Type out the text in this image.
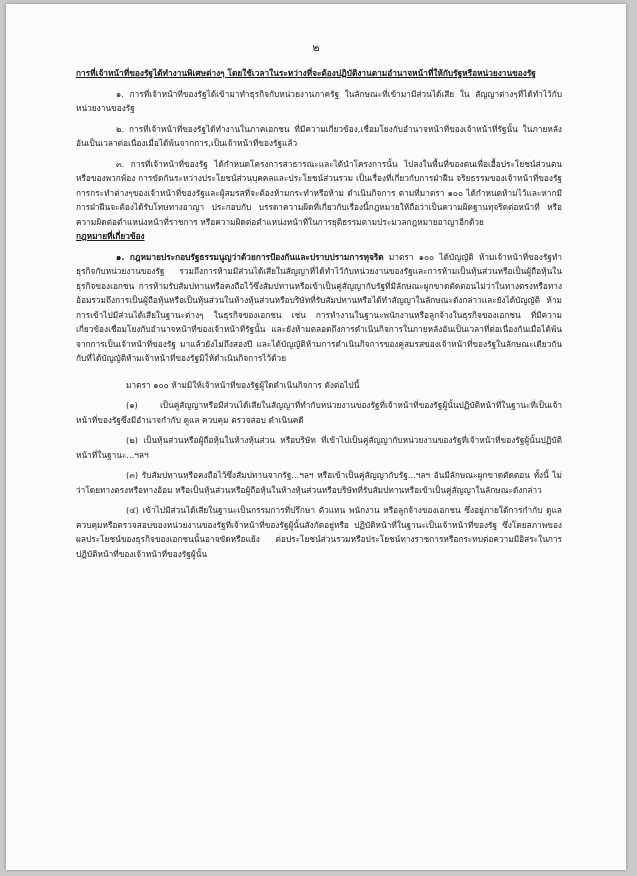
๒

การที่เจ้าหน้าที่ของรัฐได้ทำงานพิเศษต่างๆ โดยใช้เวลาในระหว่างที่จะต้องปฏิบัติงานตามอำนาจหน้าที่ให้กับรัฐหรือหน่วยงานของรัฐ

๑. การที่เจ้าหน้าที่ของรัฐได้เข้ามาทำธุรกิจกับหน่วยงานภาครัฐ ในลักษณะที่เข้ามามีส่วนได้เสีย ใน สัญญาต่างๆที่ได้ทำไว้กับหน่วยงานของรัฐ

๒. การที่เจ้าหน้าที่ของรัฐได้ทำงานในภาคเอกชน ที่มีความเกี่ยวข้อง,เชื่อมโยงกับอำนาจหน้าที่ของเจ้าหน้าที่รัฐนั้น ในภายหลังอันเป็นเวลาต่อเนื่องเมื่อได้พ้นจากการ,เป็นเจ้าหน้าที่ของรัฐแล้ว

๓. การที่เจ้าหน้าที่ของรัฐ ได้กำหนดโครงการสาธารณะและได้นำโครงการนั้น ไปลงในพื้นที่ของตนเพื่อเอื้อประโยชน์ส่วนตนหรือของพวกพ้อง การขัดกันระหว่างประโยชน์ส่วนบุคคลและประโยชน์ส่วนรวม เป็นเรื่องที่เกี่ยวกับการฝ่าฝืน จริยธรรมของเจ้าหน้าที่ของรัฐ การกระทำต่างๆของเจ้าหน้าที่ของรัฐและผู้สมรสที่จะต้องห้ามกระทำหรือห้าม ดำเนินกิจการ ตามที่มาตรา ๑๐๐ ได้กำหนดห้ามไว้และหากมีการฝ่าฝืนจะต้องได้รับโทษทางอาญา ประกอบกับ บรรดาความผิดที่เกี่ยวกับเรื่องนี้กฎหมายให้ถือว่าเป็นความผิดฐานทุจริตต่อหน้าที่ หรือความผิดต่อตำแหน่งหน้าที่ราชการ หรือความผิดต่อตำแหน่งหน้าที่ในการยุติธรรมตามประมวลกฎหมายอาญาอีกด้วย

กฎหมายที่เกี่ยวข้อง

๑. กฎหมายประกอบรัฐธรรมนูญว่าด้วยการป้องกันและปราบปรามการทุจริต มาตรา ๑๐๐ ได้บัญญัติ ห้ามเจ้าหน้าที่ของรัฐทำธุรกิจกับหน่วยงานของรัฐ รวมถึงการห้ามมีส่วนได้เสียในสัญญาที่ได้ทำไว้กับหน่วยงานของรัฐและการห้ามเป็นหุ้นส่วนหรือเป็นผู้ถือหุ้นในธุรกิจของเอกชน การห้ามรับสัมปทานหรือคงถือไว้ซึ่งสัมปทานหรือเข้าเป็นคู่สัญญากับรัฐที่มีลักษณะผูกขาดตัดตอนไม่ว่าในทางตรงหรือทางอ้อมรวมถึงการเป็นผู้ถือหุ้นหรือเป็นหุ้นส่วนในห้างหุ้นส่วนหรือบริษัทที่รับสัมปทานหรือได้ทำสัญญาในลักษณะดังกล่าวและยังได้บัญญัติ ห้ามการเข้าไปมีส่วนได้เสียในฐานะต่างๆ ในธุรกิจของเอกชน เช่น การทำงานในฐานะพนักงานหรือลูกจ้างในธุรกิจของเอกชน ที่มีความเกี่ยวข้องเชื่อมโยงกับอำนาจหน้าที่ของเจ้าหน้าที่รัฐนั้น และยังห้ามตลอดถึงการดำเนินกิจการในภายหลังอันเป็นเวลาที่ต่อเนื่องกันเมื่อได้พ้นจากการเป็นเจ้าหน้าที่ของรัฐ มาแล้วยังไม่ถึงสองปี และได้บัญญัติห้ามการดำเนินกิจการของคู่สมรสของเจ้าหน้าที่ของรัฐในลักษณะเดียวกันกับที่ได้บัญญัติห้ามเจ้าหน้าที่ของรัฐมิให้ดำเนินกิจการไว้ด้วย

มาตรา ๑๐๐ ห้ามมิให้เจ้าหน้าที่ของรัฐผู้ใดดำเนินกิจการ ดังต่อไปนี้

(๑) เป็นคู่สัญญาหรือมีส่วนได้เสียในสัญญาที่ทำกับหน่วยงานของรัฐที่เจ้าหน้าที่ของรัฐผู้นั้นปฏิบัติหน้าที่ในฐานะที่เป็นเจ้าหน้าที่ของรัฐซึ่งมีอำนาจกำกับ ดูแล ควบคุม ตรวจสอบ ดำเนินคดี

(๒) เป็นหุ้นส่วนหรือผู้ถือหุ้นในห้างหุ้นส่วน หรือบริษัท ที่เข้าไปเป็นคู่สัญญากับหน่วยงานของรัฐที่เจ้าหน้าที่ของรัฐผู้นั้นปฏิบัติหน้าที่ในฐานะ...ฯลฯ

(๓) รับสัมปทานหรือคงถือไว้ซึ่งสัมปทานจากรัฐ...ฯลฯ หรือเข้าเป็นคู่สัญญากับรัฐ...ฯลฯ อันมีลักษณะผูกขาดตัดตอน ทั้งนี้ ไม่ว่าโดยทางตรงหรือทางอ้อม หรือเป็นหุ้นส่วนหรือผู้ถือหุ้นในห้างหุ้นส่วนหรือบริษัทที่รับสัมปทานหรือเข้าเป็นคู่สัญญาในลักษณะดังกล่าว

(๔) เข้าไปมีส่วนได้เสียในฐานะเป็นกรรมการที่ปรึกษา ตัวแทน พนักงาน หรือลูกจ้างของเอกชน ซึ่งอยู่ภายใต้การกำกับ ดูแล ควบคุมหรือตรวจสอบของหน่วยงานของรัฐที่เจ้าหน้าที่ของรัฐผู้นั้นสังกัดอยู่หรือ ปฏิบัติหน้าที่ในฐานะเป็นเจ้าหน้าที่ของรัฐ ซึ่งโดยสภาพของผลประโยชน์ของธุรกิจของเอกชนนั้นอาจขัดหรือแย้ง ต่อประโยชน์ส่วนรวมหรือประโยชน์ทางราชการหรือกระทบต่อความมีอิสระในการปฏิบัติหน้าที่ของเจ้าหน้าที่ของรัฐผู้นั้น
